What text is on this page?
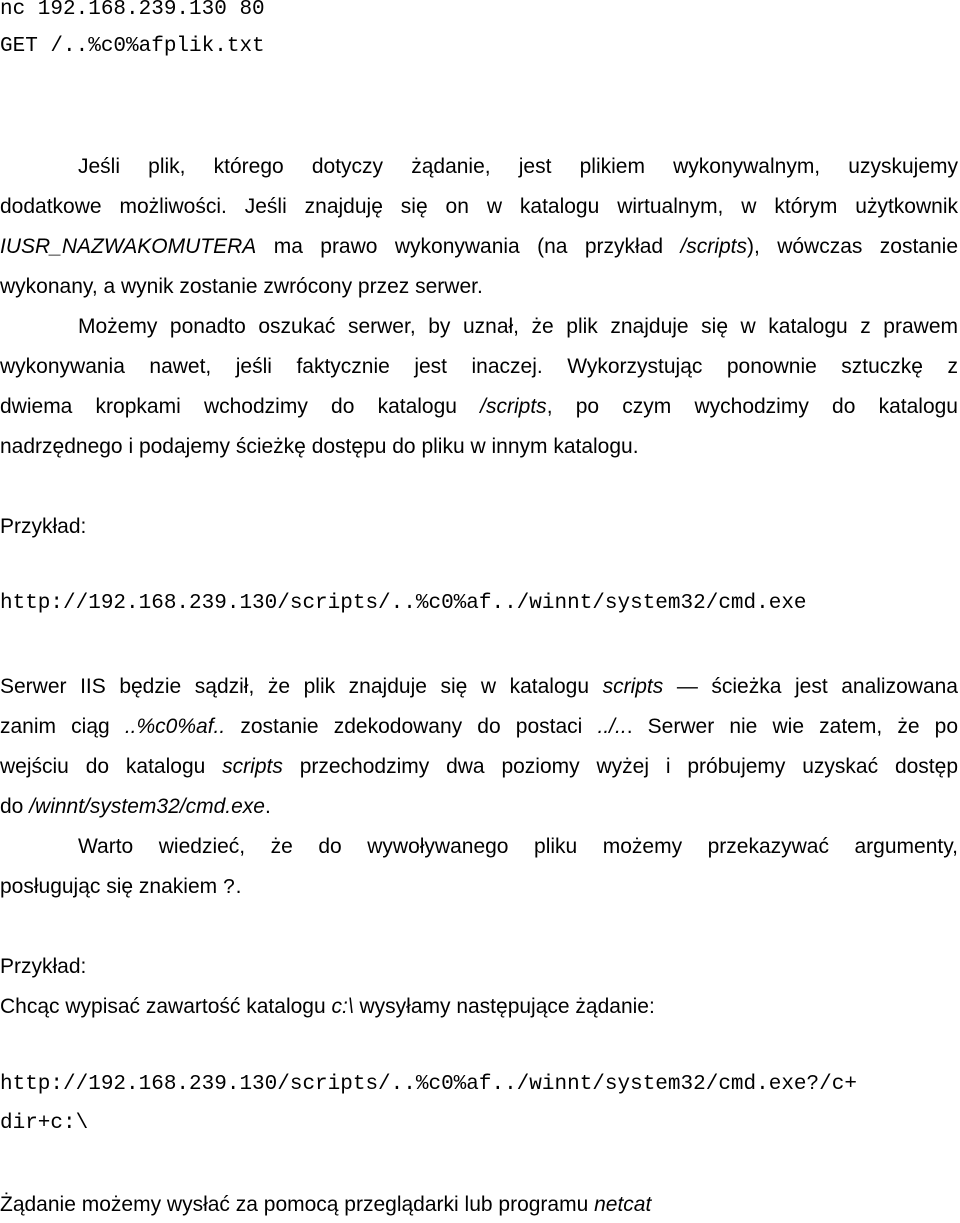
nc 192.168.239.130 80

GET /..%c0%afplik.txt

Jeśli plik, którego dotyczy żądanie, jest plikiem wykonywalnym, uzyskujemy

dodatkowe możliwości. Jeśli znajduję się on w katalogu wirtualnym, w którym użytkownik

IUSR_NAZWAKOMUTERA ma prawo wykonywania (na przykład /scripts), wówczas zostanie

wykonany, a wynik zostanie zwrócony przez serwer.

Możemy ponadto oszukać serwer, by uznał, że plik znajduje się w katalogu z prawem

wykonywania nawet, jeśli faktycznie jest inaczej. Wykorzystując ponownie sztuczkę z

dwiema kropkami wchodzimy do katalogu /scripts, po czym wychodzimy do katalogu

nadrzędnego i podajemy ścieżkę dostępu do pliku w innym katalogu.

Przykład:

http://192.168.239.130/scripts/..%c0%af../winnt/system32/cmd.exe

Serwer IIS będzie sądził, że plik znajduje się w katalogu scripts — ścieżka jest analizowana

zanim ciąg ..%c0%af.. zostanie zdekodowany do postaci ../... Serwer nie wie zatem, że po

wejściu do katalogu scripts przechodzimy dwa poziomy wyżej i próbujemy uzyskać dostęp

do /winnt/system32/cmd.exe.

Warto wiedzieć, że do wywoływanego pliku możemy przekazywać argumenty,

posługując się znakiem ?.

Przykład:

Chcąc wypisać zawartość katalogu c:\ wysyłamy następujące żądanie:

http://192.168.239.130/scripts/..%c0%af../winnt/system32/cmd.exe?/c+

dir+c:\

Żądanie możemy wysłać za pomocą przeglądarki lub programu netcat
